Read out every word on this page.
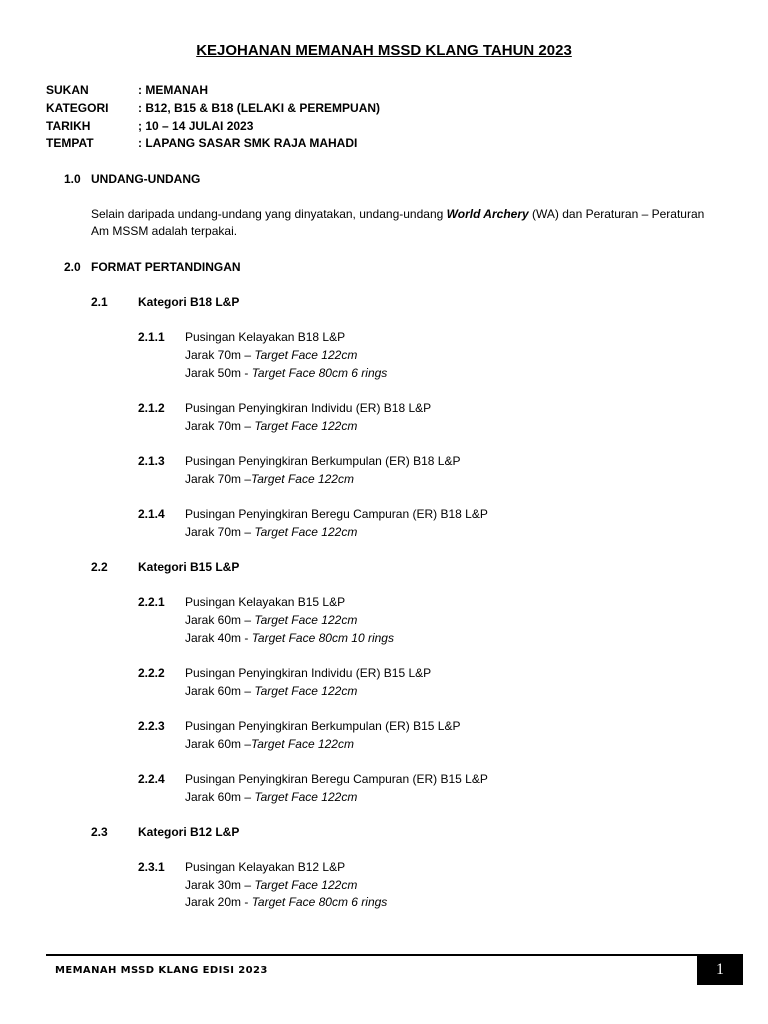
KEJOHANAN MEMANAH MSSD KLANG TAHUN 2023
SUKAN	: MEMANAH
KATEGORI : B12, B15 & B18 (LELAKI & PEREMPUAN)
TARIKH	; 10 – 14 JULAI 2023
TEMPAT	: LAPANG SASAR SMK RAJA MAHADI
1.0 UNDANG-UNDANG
Selain daripada undang-undang yang dinyatakan, undang-undang World Archery (WA) dan Peraturan – Peraturan Am MSSM adalah terpakai.
2.0 FORMAT PERTANDINGAN
2.1	Kategori B18 L&P
2.1.1 Pusingan Kelayakan B18 L&P
Jarak 70m – Target Face 122cm
Jarak 50m - Target Face 80cm 6 rings
2.1.2 Pusingan Penyingkiran Individu (ER) B18 L&P
Jarak 70m – Target Face 122cm
2.1.3 Pusingan Penyingkiran Berkumpulan (ER) B18 L&P
Jarak 70m –Target Face 122cm
2.1.4 Pusingan Penyingkiran Beregu Campuran (ER) B18 L&P
Jarak 70m – Target Face 122cm
2.2	Kategori B15 L&P
2.2.1 Pusingan Kelayakan B15 L&P
Jarak 60m – Target Face 122cm
Jarak 40m - Target Face 80cm 10 rings
2.2.2 Pusingan Penyingkiran Individu (ER) B15 L&P
Jarak 60m – Target Face 122cm
2.2.3 Pusingan Penyingkiran Berkumpulan (ER) B15 L&P
Jarak 60m –Target Face 122cm
2.2.4 Pusingan Penyingkiran Beregu Campuran (ER) B15 L&P
Jarak 60m – Target Face 122cm
2.3	Kategori B12 L&P
2.3.1 Pusingan Kelayakan B12 L&P
Jarak 30m – Target Face 122cm
Jarak 20m - Target Face 80cm 6 rings
MEMANAH MSSD KLANG EDISI 2023	1
